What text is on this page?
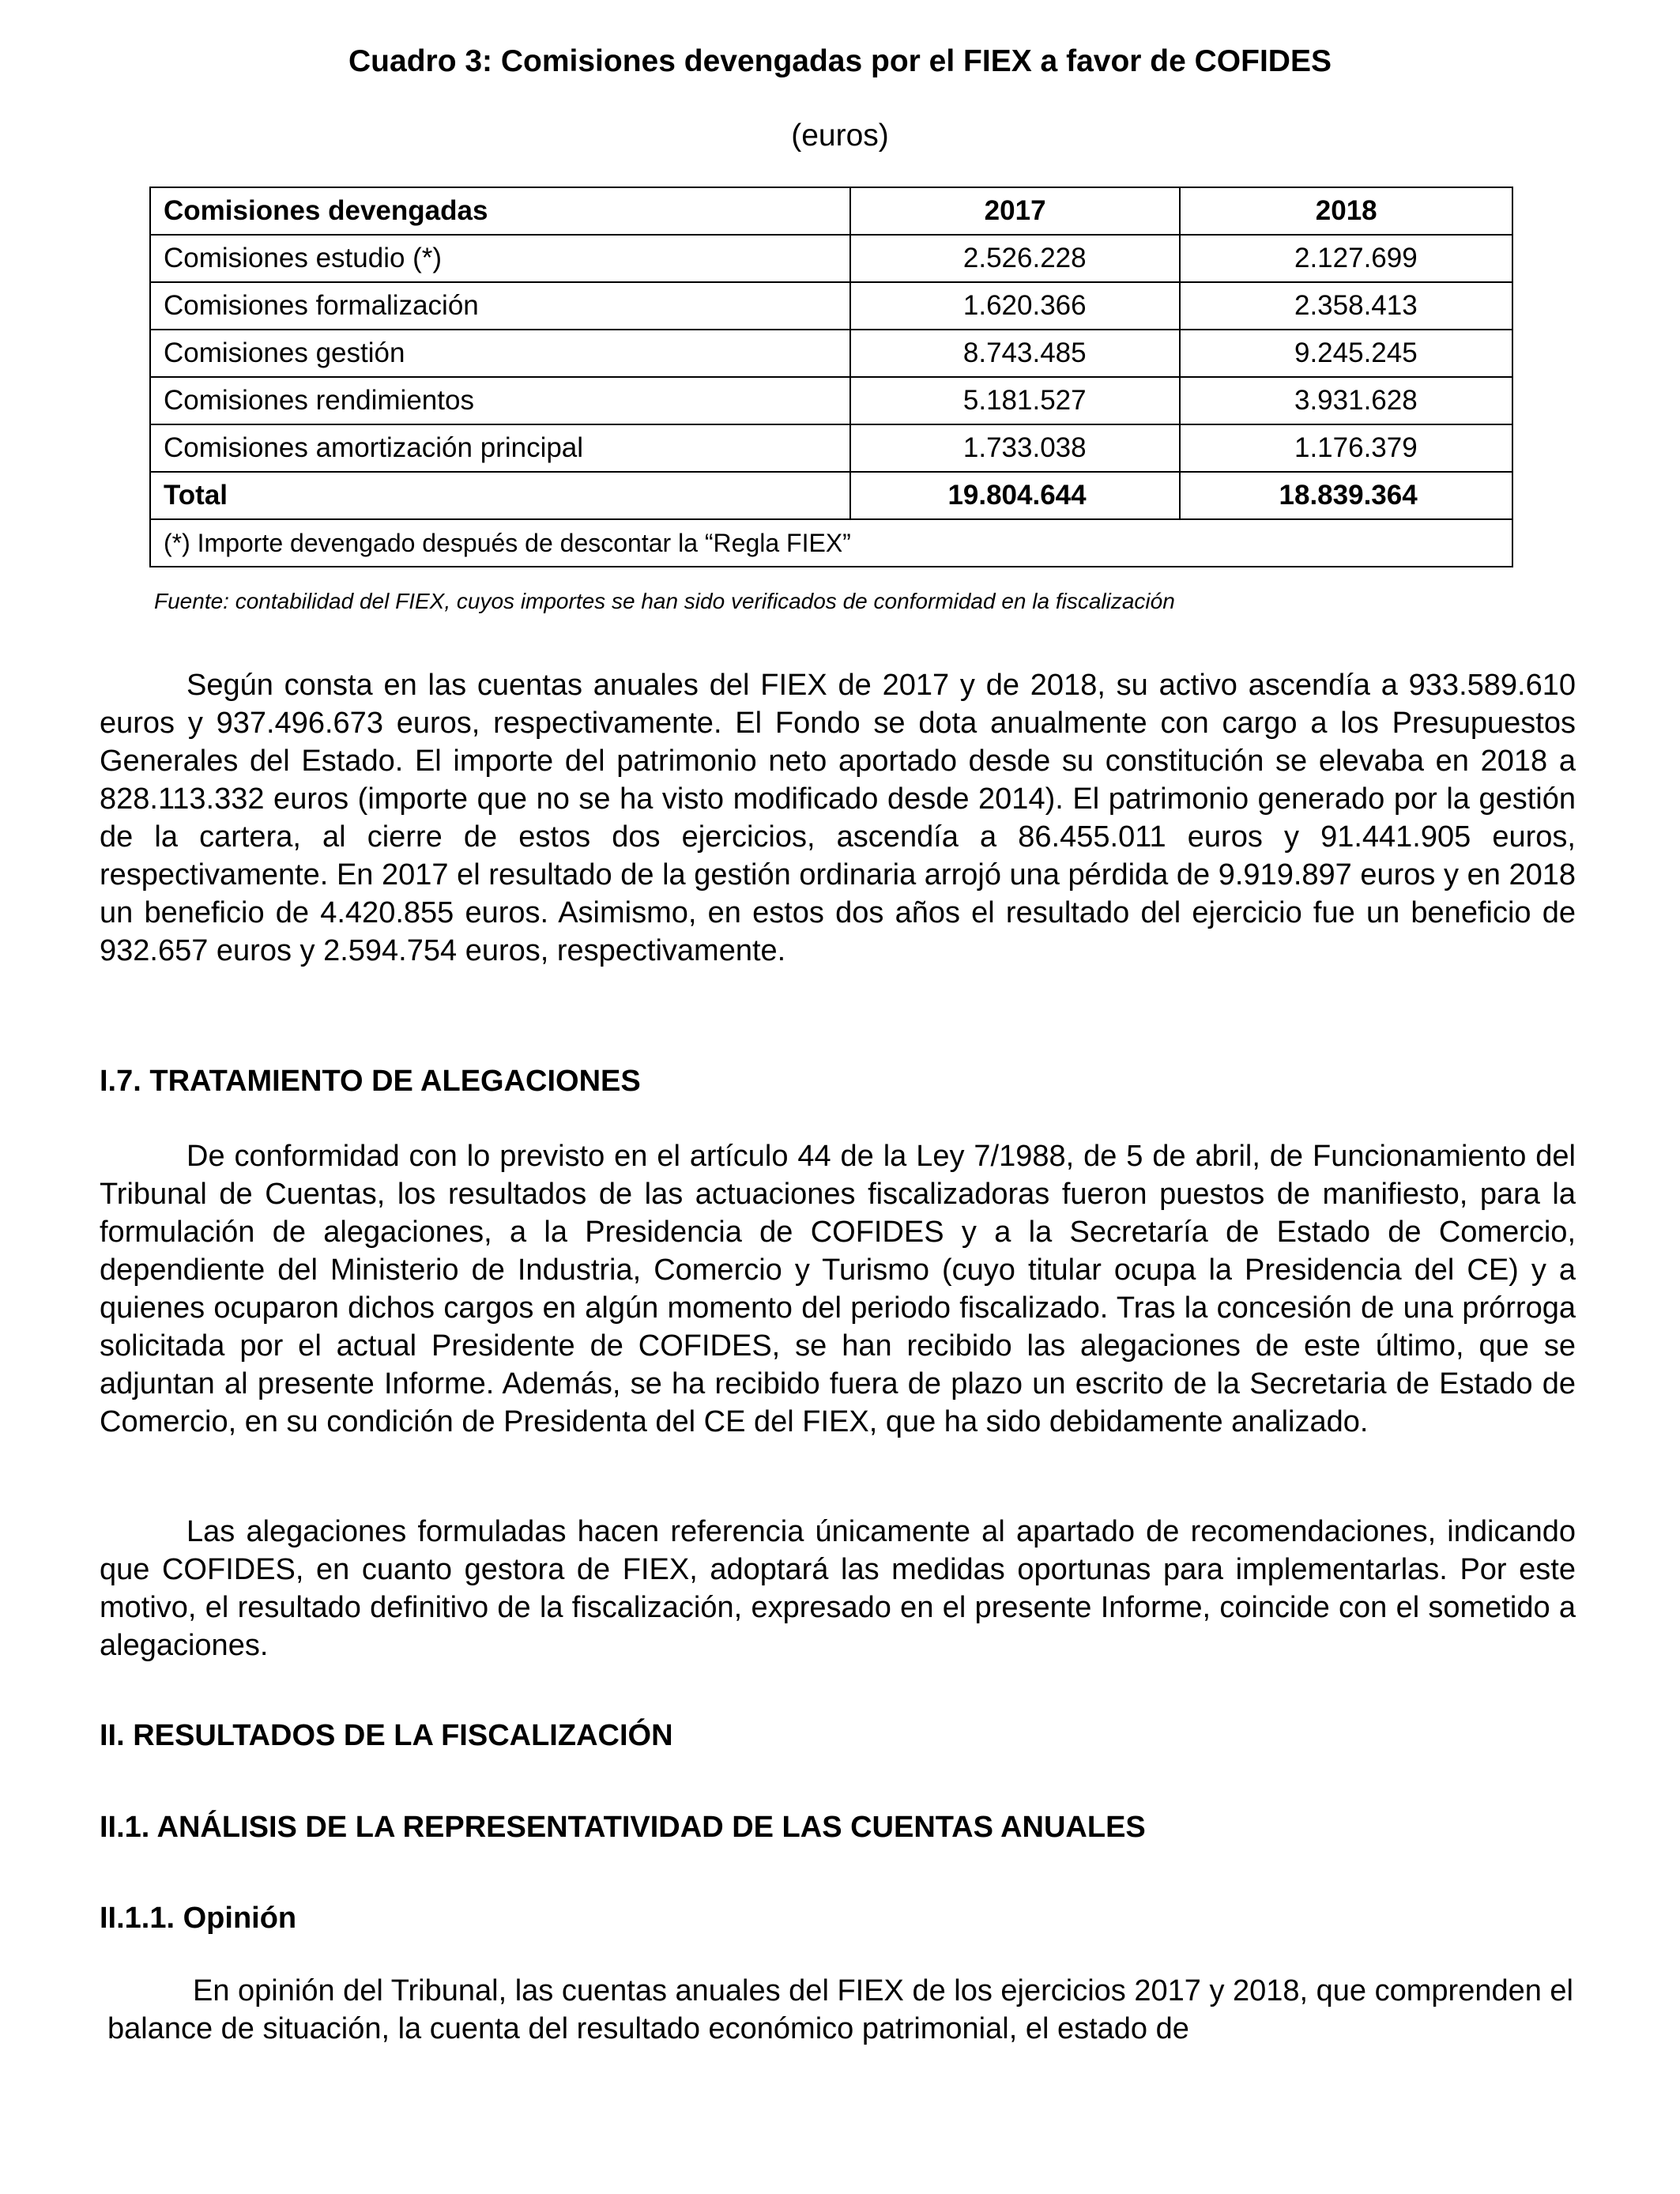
Cuadro 3: Comisiones devengadas por el FIEX a favor de COFIDES
(euros)
Comisiones devengadas	2017	2018
Comisiones estudio (*)	2.526.228	2.127.699
Comisiones formalización	1.620.366	2.358.413
Comisiones gestión	8.743.485	9.245.245
Comisiones rendimientos	5.181.527	3.931.628
Comisiones amortización principal	1.733.038	1.176.379
Total	19.804.644	18.839.364
(*) Importe devengado después de descontar la “Regla FIEX”		
Fuente: contabilidad del FIEX, cuyos importes se han sido verificados de conformidad en la fiscalización

Según consta en las cuentas anuales del FIEX de 2017 y de 2018, su activo ascendía a 933.589.610 euros y 937.496.673 euros, respectivamente. El Fondo se dota anualmente con cargo a los Presupuestos Generales del Estado. El importe del patrimonio neto aportado desde su constitución se elevaba en 2018 a 828.113.332 euros (importe que no se ha visto modificado desde 2014). El patrimonio generado por la gestión de la cartera, al cierre de estos dos ejercicios, ascendía a 86.455.011 euros y 91.441.905 euros, respectivamente. En 2017 el resultado de la gestión ordinaria arrojó una pérdida de 9.919.897 euros y en 2018 un beneficio de 4.420.855 euros. Asimismo, en estos dos años el resultado del ejercicio fue un beneficio de 932.657 euros y 2.594.754 euros, respectivamente.

I.7. TRATAMIENTO DE ALEGACIONES

De conformidad con lo previsto en el artículo 44 de la Ley 7/1988, de 5 de abril, de Funcionamiento del Tribunal de Cuentas, los resultados de las actuaciones fiscalizadoras fueron puestos de manifiesto, para la formulación de alegaciones, a la Presidencia de COFIDES y a la Secretaría de Estado de Comercio, dependiente del Ministerio de Industria, Comercio y Turismo (cuyo titular ocupa la Presidencia del CE) y a quienes ocuparon dichos cargos en algún momento del periodo fiscalizado. Tras la concesión de una prórroga solicitada por el actual Presidente de COFIDES, se han recibido las alegaciones de este último, que se adjuntan al presente Informe. Además, se ha recibido fuera de plazo un escrito de la Secretaria de Estado de Comercio, en su condición de Presidenta del CE del FIEX, que ha sido debidamente analizado.

Las alegaciones formuladas hacen referencia únicamente al apartado de recomendaciones, indicando que COFIDES, en cuanto gestora de FIEX, adoptará las medidas oportunas para implementarlas. Por este motivo, el resultado definitivo de la fiscalización, expresado en el presente Informe, coincide con el sometido a alegaciones.

II. RESULTADOS DE LA FISCALIZACIÓN
II.1. ANÁLISIS DE LA REPRESENTATIVIDAD DE LAS CUENTAS ANUALES
II.1.1. Opinión

En opinión del Tribunal, las cuentas anuales del FIEX de los ejercicios 2017 y 2018, que comprenden el balance de situación, la cuenta del resultado económico patrimonial, el estado de
